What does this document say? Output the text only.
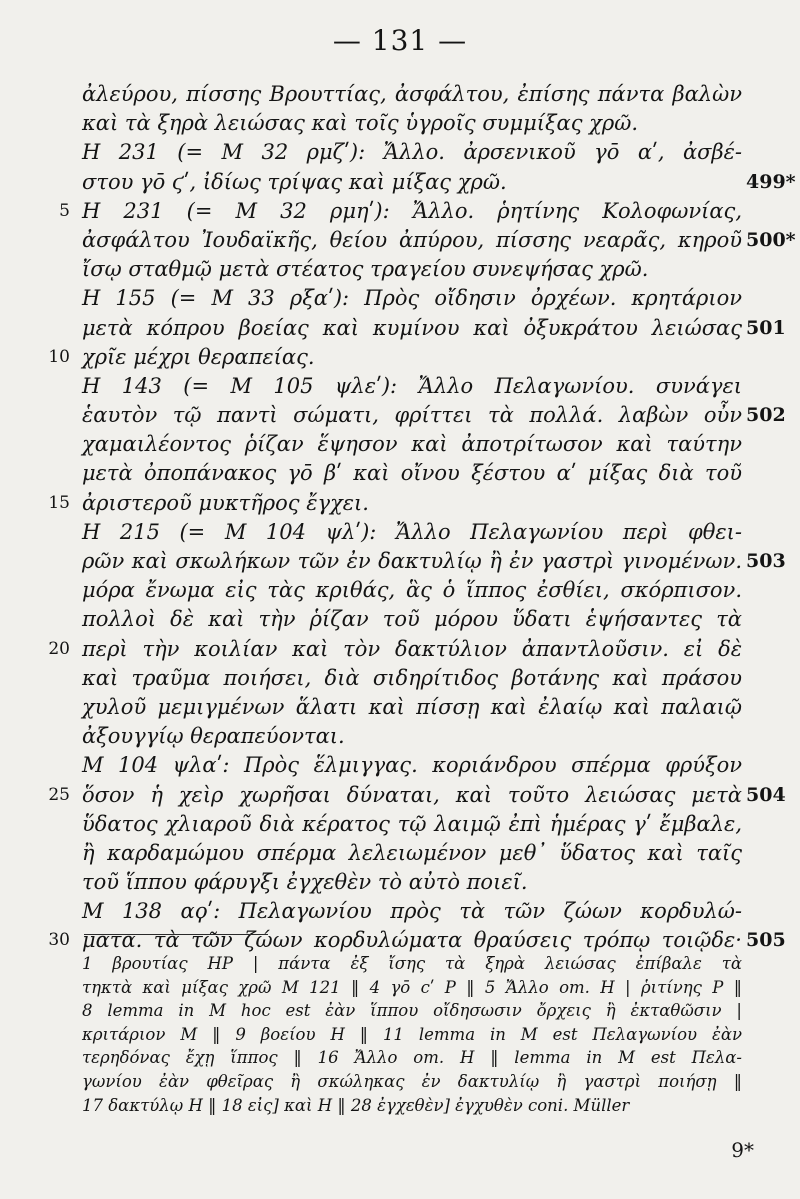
— 131 —
ἀλεύρου, πίσσης Βρουττίας, ἀσφάλτου, ἐπίσης πάντα βαλὼν
καὶ τὰ ξηρὰ λειώσας καὶ τοῖς ὑγροῖς συμμίξας χρῶ.
Η 231 (= Μ 32 ρμζʹ): Ἄλλο. ἀρσενικοῦ γο̄ αʹ, ἀσβέ-
499*
στου γο̄ ϛʹ, ἰδίως τρίψας καὶ μίξας χρῶ.
5 Η 231 (= Μ 32 ρμηʹ): Ἄλλο. ῥητίνης Κολοφωνίας,
500*
ἀσφάλτου Ἰουδαϊκῆς, θείου ἀπύρου, πίσσης νεαρᾶς, κηροῦ
ἴσῳ σταθμῷ μετὰ στέατος τραγείου συνεψήσας χρῶ.
Η 155 (= Μ 33 ρξαʹ): Πρὸς οἴδησιν ὀρχέων. κρητάριον
501
μετὰ κόπρου βοείας καὶ κυμίνου καὶ ὀξυκράτου λειώσας
10 χρῖε μέχρι θεραπείας.
Η 143 (= Μ 105 ψλεʹ): Ἄλλο Πελαγωνίου. συνάγει
502
ἑαυτὸν τῷ παντὶ σώματι, φρίττει τὰ πολλά. λαβὼν οὖν
χαμαιλέοντος ῥίζαν ἕψησον καὶ ἀποτρίτωσον καὶ ταύτην
μετὰ ὀποπάνακος γο̄ βʹ καὶ οἴνου ξέστου αʹ μίξας διὰ τοῦ
15 ἀριστεροῦ μυκτῆρος ἔγχει.
Η 215 (= Μ 104 ψλʹ): Ἄλλο Πελαγωνίου περὶ φθει-
503
ρῶν καὶ σκωλήκων τῶν ἐν δακτυλίῳ ἢ ἐν γαστρὶ γινομένων.
μόρα ἔνωμα εἰς τὰς κριθάς, ἃς ὁ ἵππος ἐσθίει, σκόρπισον.
πολλοὶ δὲ καὶ τὴν ῥίζαν τοῦ μόρου ὕδατι ἑψήσαντες τὰ
20 περὶ τὴν κοιλίαν καὶ τὸν δακτύλιον ἀπαντλοῦσιν. εἰ δὲ
καὶ τραῦμα ποιήσει, διὰ σιδηρίτιδος βοτάνης καὶ πράσου
χυλοῦ μεμιγμένων ἅλατι καὶ πίσσῃ καὶ ἐλαίῳ καὶ παλαιῷ
ἀξουγγίῳ θεραπεύονται.
Μ 104 ψλαʹ: Πρὸς ἕλμιγγας. κοριάνδρου σπέρμα φρύξον
504
25 ὅσον ἡ χεὶρ χωρῆσαι δύναται, καὶ τοῦτο λειώσας μετὰ
ὕδατος χλιαροῦ διὰ κέρατος τῷ λαιμῷ ἐπὶ ἡμέρας γʹ ἔμβαλε,
ἢ καρδαμώμου σπέρμα λελειωμένον μεθ᾽ ὕδατος καὶ ταῖς
τοῦ ἵππου φάρυγξι ἐγχεθὲν τὸ αὐτὸ ποιεῖ.
Μ 138 αϙʹ: Πελαγωνίου πρὸς τὰ τῶν ζώων κορδυλώ-
505
30 ματα. τὰ τῶν ζώων κορδυλώματα θραύσεις τρόπῳ τοιῷδε·
1 βρουτίας HP | πάντα ἐξ ἴσης τὰ ξηρὰ λειώσας ἐπίβαλε τὰ
τηκτὰ καὶ μίξας χρῶ M 121 ‖ 4 γο̄ cʹ P ‖ 5 Ἄλλο om. H | ῥιτίνης P ‖
8 lemma in M hoc est ἐὰν ἵππου οἴδησωσιν ὄρχεις ἢ ἐκταθῶσιν |
κριτάριον M ‖ 9 βοείου H ‖ 11 lemma in M est Πελαγωνίου ἐὰν
τερηδόνας ἔχῃ ἵππος ‖ 16 Ἄλλο om. H ‖ lemma in M est Πελα-
γωνίου ἐὰν φθεῖρας ἢ σκώληκας ἐν δακτυλίῳ ἢ γαστρὶ ποιήσῃ ‖
17 δακτύλῳ H ‖ 18 εἰς] καὶ H ‖ 28 ἐγχεθὲν] ἐγχυθὲν coni. Müller
9*
